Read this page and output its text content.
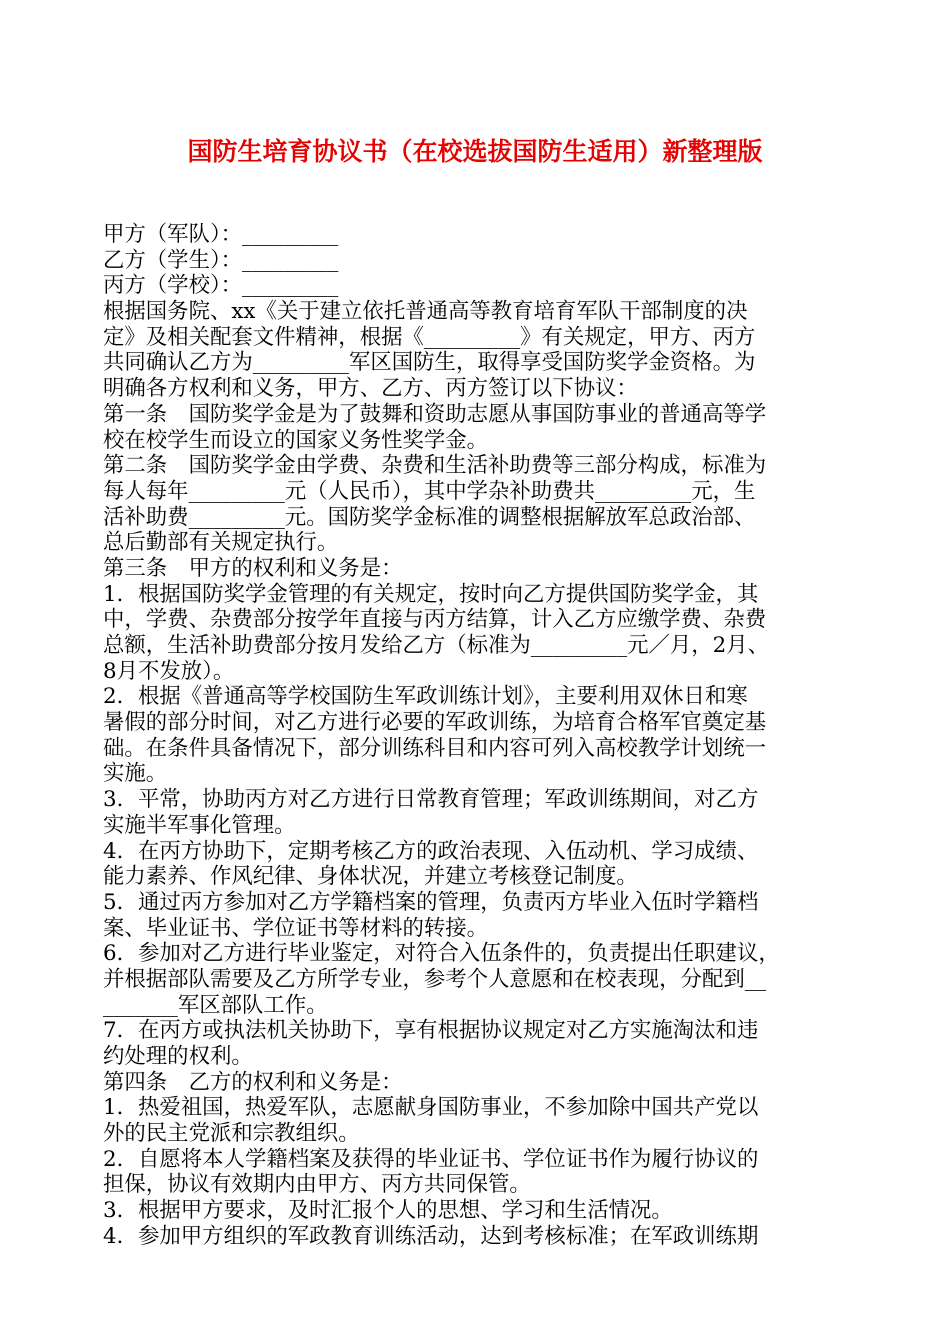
国防生培育协议书（在校选拔国防生适用）新整理版
甲方（军队）：_________
乙方（学生）：_________
丙方（学校）：_________
根据国务院、xx《关于建立依托普通高等教育培育军队干部制度的决
定》及相关配套文件精神，根据《_________》有关规定，甲方、丙方
共同确认乙方为_________军区国防生，取得享受国防奖学金资格。为
明确各方权利和义务，甲方、乙方、丙方签订以下协议：
第一条　国防奖学金是为了鼓舞和资助志愿从事国防事业的普通高等学
校在校学生而设立的国家义务性奖学金。
第二条　国防奖学金由学费、杂费和生活补助费等三部分构成，标准为
每人每年_________元（人民币），其中学杂补助费共_________元，生
活补助费_________元。国防奖学金标准的调整根据解放军总政治部、
总后勤部有关规定执行。
第三条　甲方的权利和义务是：
1．根据国防奖学金管理的有关规定，按时向乙方提供国防奖学金，其
中，学费、杂费部分按学年直接与丙方结算，计入乙方应缴学费、杂费
总额，生活补助费部分按月发给乙方（标准为_________元／月，2月、
8月不发放）。
2．根据《普通高等学校国防生军政训练计划》，主要利用双休日和寒
暑假的部分时间，对乙方进行必要的军政训练，为培育合格军官奠定基
础。在条件具备情况下，部分训练科目和内容可列入高校教学计划统一
实施。
3．平常，协助丙方对乙方进行日常教育管理；军政训练期间，对乙方
实施半军事化管理。
4．在丙方协助下，定期考核乙方的政治表现、入伍动机、学习成绩、
能力素养、作风纪律、身体状况，并建立考核登记制度。
5．通过丙方参加对乙方学籍档案的管理，负责丙方毕业入伍时学籍档
案、毕业证书、学位证书等材料的转接。
6．参加对乙方进行毕业鉴定，对符合入伍条件的，负责提出任职建议，
并根据部队需要及乙方所学专业，参考个人意愿和在校表现，分配到__
_______军区部队工作。
7．在丙方或执法机关协助下，享有根据协议规定对乙方实施淘汰和违
约处理的权利。
第四条　乙方的权利和义务是：
1．热爱祖国，热爱军队，志愿献身国防事业，不参加除中国共产党以
外的民主党派和宗教组织。
2．自愿将本人学籍档案及获得的毕业证书、学位证书作为履行协议的
担保，协议有效期内由甲方、丙方共同保管。
3．根据甲方要求，及时汇报个人的思想、学习和生活情况。
4．参加甲方组织的军政教育训练活动，达到考核标准；在军政训练期
